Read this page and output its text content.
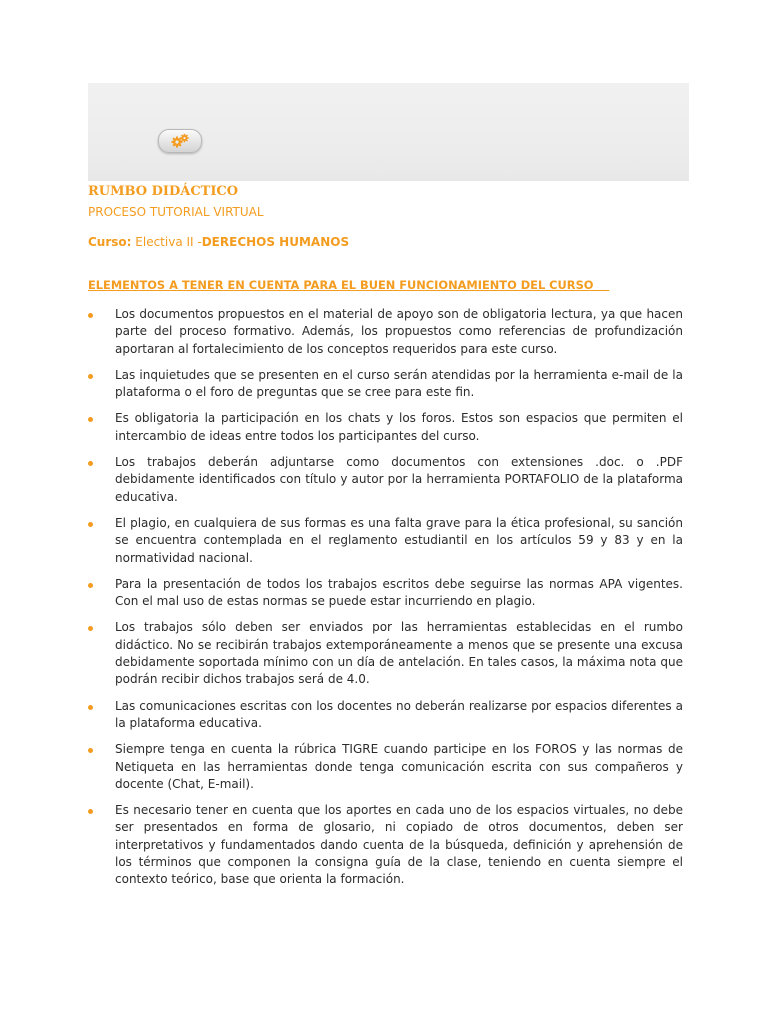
RUMBO DIDÁCTICO

PROCESO TUTORIAL VIRTUAL

Curso: Electiva II -DERECHOS HUMANOS

ELEMENTOS A TENER EN CUENTA PARA EL BUEN FUNCIONAMIENTO DEL CURSO

Los documentos propuestos en el material de apoyo son de obligatoria lectura, ya que hacen parte del proceso formativo. Además, los propuestos como referencias de profundización aportaran al fortalecimiento de los conceptos requeridos para este curso.
Las inquietudes que se presenten en el curso serán atendidas por la herramienta e-mail de la plataforma o el foro de preguntas que se cree para este fin.
Es obligatoria la participación en los chats y los foros. Estos son espacios que permiten el intercambio de ideas entre todos los participantes del curso.
Los trabajos deberán adjuntarse como documentos con extensiones .doc. o .PDF debidamente identificados con título y autor por la herramienta PORTAFOLIO de la plataforma educativa.
El plagio, en cualquiera de sus formas es una falta grave para la ética profesional, su sanción se encuentra contemplada en el reglamento estudiantil en los artículos 59 y 83 y en la normatividad nacional.
Para la presentación de todos los trabajos escritos debe seguirse las normas APA vigentes. Con el mal uso de estas normas se puede estar incurriendo en plagio.
Los trabajos sólo deben ser enviados por las herramientas establecidas en el rumbo didáctico. No se recibirán trabajos extemporáneamente a menos que se presente una excusa debidamente soportada mínimo con un día de antelación. En tales casos, la máxima nota que podrán recibir dichos trabajos será de 4.0.
Las comunicaciones escritas con los docentes no deberán realizarse por espacios diferentes a la plataforma educativa.
Siempre tenga en cuenta la rúbrica TIGRE cuando participe en los FOROS y las normas de Netiqueta en las herramientas donde tenga comunicación escrita con sus compañeros y docente (Chat, E-mail).
Es necesario tener en cuenta que los aportes en cada uno de los espacios virtuales, no debe ser presentados en forma de glosario, ni copiado de otros documentos, deben ser interpretativos y fundamentados dando cuenta de la búsqueda, definición y aprehensión de los términos que componen la consigna guía de la clase, teniendo en cuenta siempre el contexto teórico, base que orienta la formación.
